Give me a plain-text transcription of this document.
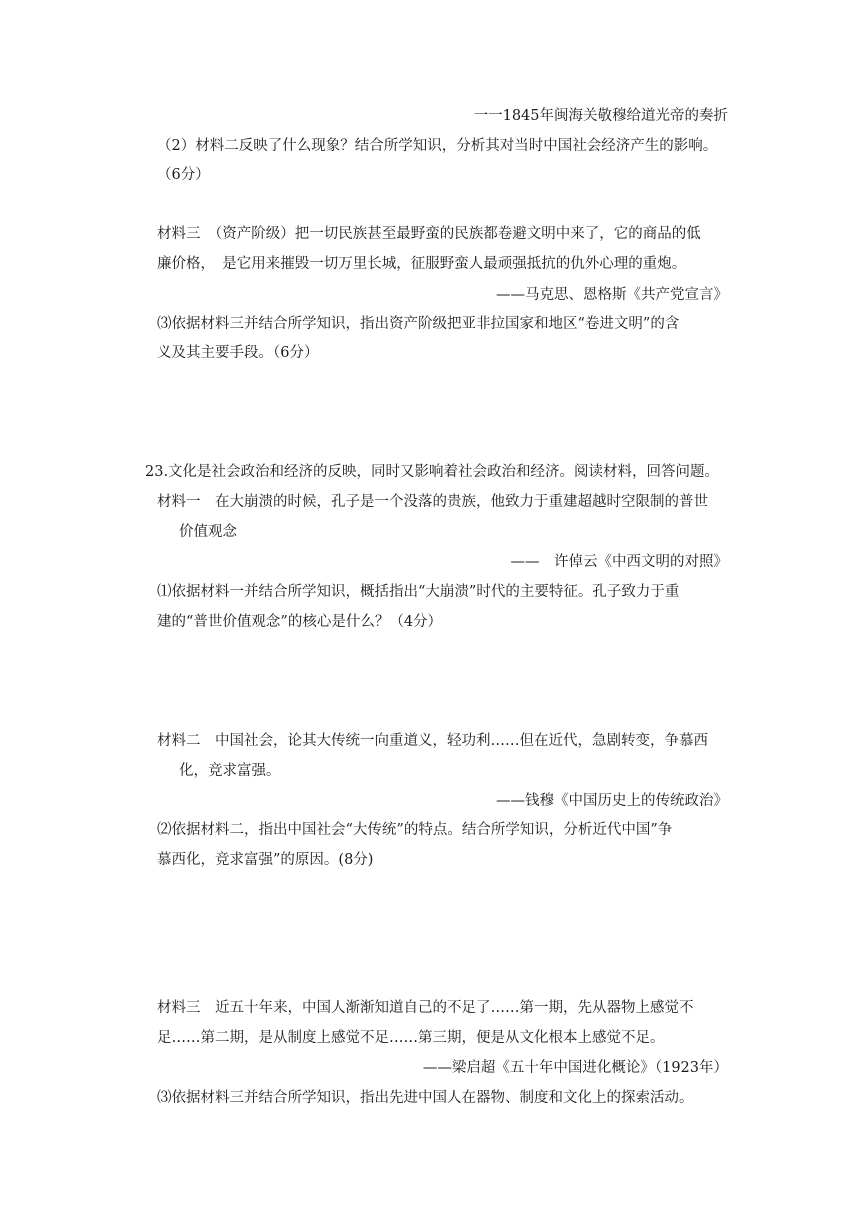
一一1845年闽海关敬穆给道光帝的奏折
（2）材料二反映了什么现象？结合所学知识，分析其对当时中国社会经济产生的影响。
（6分）
材料三　（资产阶级）把一切民族甚至最野蛮的民族都卷避文明中来了，它的商品的低
廉价格，　是它用来摧毁一切万里长城，征服野蛮人最顽强抵抗的仇外心理的重炮。
——马克思、恩格斯《共产党宣言》
⑶依据材料三并结合所学知识，指出资产阶级把亚非拉国家和地区“卷进文明”的含
义及其主要手段。（6分）
23.文化是社会政治和经济的反映，同时又影响着社会政治和经济。阅读材料，回答问题。
材料一　在大崩溃的时候，孔子是一个没落的贵族，他致力于重建超越时空限制的普世
价值观念
——　许倬云《中西文明的对照》
⑴依据材料一并结合所学知识，概括指出“大崩溃”时代的主要特征。孔子致力于重
建的“普世价值观念”的核心是什么？（4分）
材料二　中国社会，论其大传统一向重道义，轻功利……但在近代，急剧转变，争慕西
化，竞求富强。
——钱穆《中国历史上的传统政治》
⑵依据材料二，指出中国社会“大传统”的特点。结合所学知识，分析近代中国”争
慕西化，竞求富强”的原因。(8分)
材料三　近五十年来，中国人渐渐知道自己的不足了……第一期，先从器物上感觉不
足……第二期，是从制度上感觉不足……第三期，便是从文化根本上感觉不足。
——梁启超《五十年中国进化概论》（1923年）
⑶依据材料三并结合所学知识，指出先进中国人在器物、制度和文化上的探索活动。
